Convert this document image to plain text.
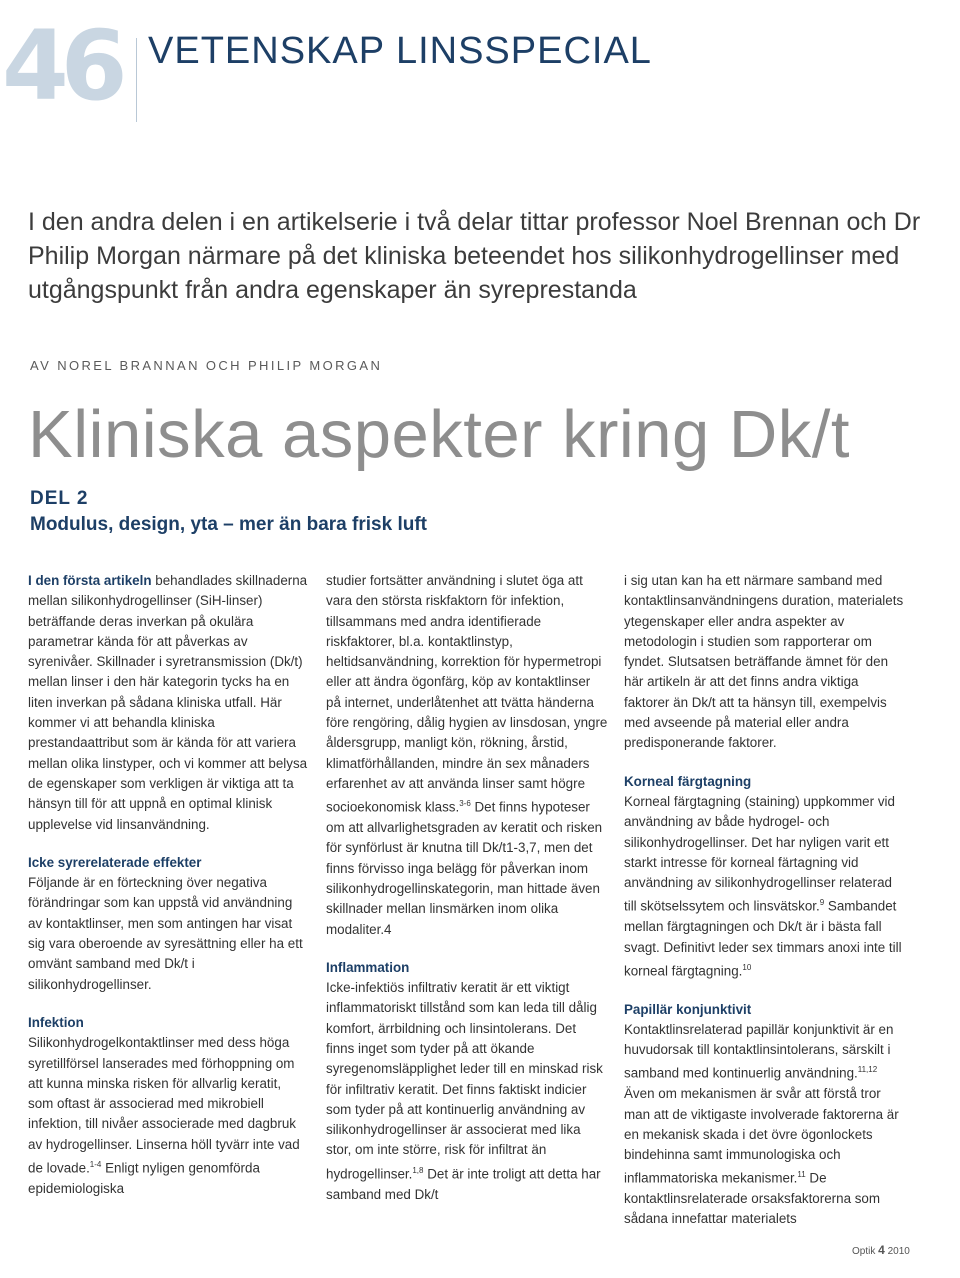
46 VETENSKAP LINSSPECIAL

I den andra delen i en artikelserie i två delar tittar professor Noel Brennan och Dr Philip Morgan närmare på det kliniska beteendet hos silikonhydrogellinser med utgångspunkt från andra egenskaper än syreprestanda

AV NOREL BRANNAN OCH PHILIP MORGAN
Kliniska aspekter kring Dk/t
DEL 2
Modulus, design, yta – mer än bara frisk luft

I den första artikeln behandlades skillnaderna mellan silikonhydrogellinser (SiH-linser) beträffande deras inverkan på okulära parametrar kända för att påverkas av syrenivåer. Skillnader i syretransmission (Dk/t) mellan linser i den här kategorin tycks ha en liten inverkan på sådana kliniska utfall. Här kommer vi att behandla kliniska prestandaattribut som är kända för att variera mellan olika linstyper, och vi kommer att belysa de egenskaper som verkligen är viktiga att ta hänsyn till för att uppnå en optimal klinisk upplevelse vid linsanvändning.

Icke syrerelaterade effekter

Följande är en förteckning över negativa förändringar som kan uppstå vid användning av kontaktlinser, men som antingen har visat sig vara oberoende av syresättning eller ha ett omvänt samband med Dk/t i silikonhydrogellinser.

Infektion

Silikonhydrogelkontaktlinser med dess höga syretillförsel lanserades med förhoppning om att kunna minska risken för allvarlig keratit, som oftast är associerad med mikrobiell infektion, till nivåer associerade med dagbruk av hydrogellinser. Linserna höll tyvärr inte vad de lovade.$^{1-4}$ Enligt nyligen genomförda epidemiologiska

studier fortsätter användning i slutet öga att vara den största riskfaktorn för infektion, tillsammans med andra identifierade riskfaktorer, bl.a. kontaktlinstyp, heltidsanvändning, korrektion för hypermetropi eller att ändra ögonfärg, köp av kontaktlinser på internet, underlåtenhet att tvätta händerna före rengöring, dålig hygien av linsdosan, yngre åldersgrupp, manligt kön, rökning, årstid, klimatförhållanden, mindre än sex månaders erfarenhet av att använda linser samt högre socioekonomisk klass.$^{3-6}$ Det finns hypoteser om att allvarlighetsgraden av keratit och risken för synförlust är knutna till Dk/t1-3,7, men det finns förvisso inga belägg för påverkan inom silikonhydrogellinskategorin, man hittade även skillnader mellan linsmärken inom olika modaliter.4

Inflammation

Icke-infektiös infiltrativ keratit är ett viktigt inflammatoriskt tillstånd som kan leda till dålig komfort, ärrbildning och linsintolerans. Det finns inget som tyder på att ökande syregenomsläpplighet leder till en minskad risk för infiltrativ keratit. Det finns faktiskt indicier som tyder på att kontinuerlig användning av silikonhydrogellinser är associerat med lika stor, om inte större, risk för infiltrat än hydrogellinser.$^{1,8}$ Det är inte troligt att detta har samband med Dk/t

i sig utan kan ha ett närmare samband med kontaktlinsanvändningens duration, materialets ytegenskaper eller andra aspekter av metodologin i studien som rapporterar om fyndet. Slutsatsen beträffande ämnet för den här artikeln är att det finns andra viktiga faktorer än Dk/t att ta hänsyn till, exempelvis med avseende på material eller andra predisponerande faktorer.

Korneal färgtagning

Korneal färgtagning (staining) uppkommer vid användning av både hydrogel- och silikonhydrogellinser. Det har nyligen varit ett starkt intresse för korneal färtagning vid användning av silikonhydrogellinser relaterad till skötselssytem och linsvätskor.$^9$ Sambandet mellan färgtagningen och Dk/t är i bästa fall svagt. Definitivt leder sex timmars anoxi inte till korneal färgtagning.$^{10}$

Papillär konjunktivit

Kontaktlinsrelaterad papillär konjunktivit är en huvudorsak till kontaktlinsintolerans, särskilt i samband med kontinuerlig användning.$^{11,12}$ Även om mekanismen är svår att förstå tror man att de viktigaste involverade faktorerna är en mekanisk skada i det övre ögonlockets bindehinna samt immunologiska och inflammatoriska mekanismer.$^{11}$ De kontaktlinsrelaterade orsaksfaktorerna som sådana innefattar materialets

Optik 4 2010
